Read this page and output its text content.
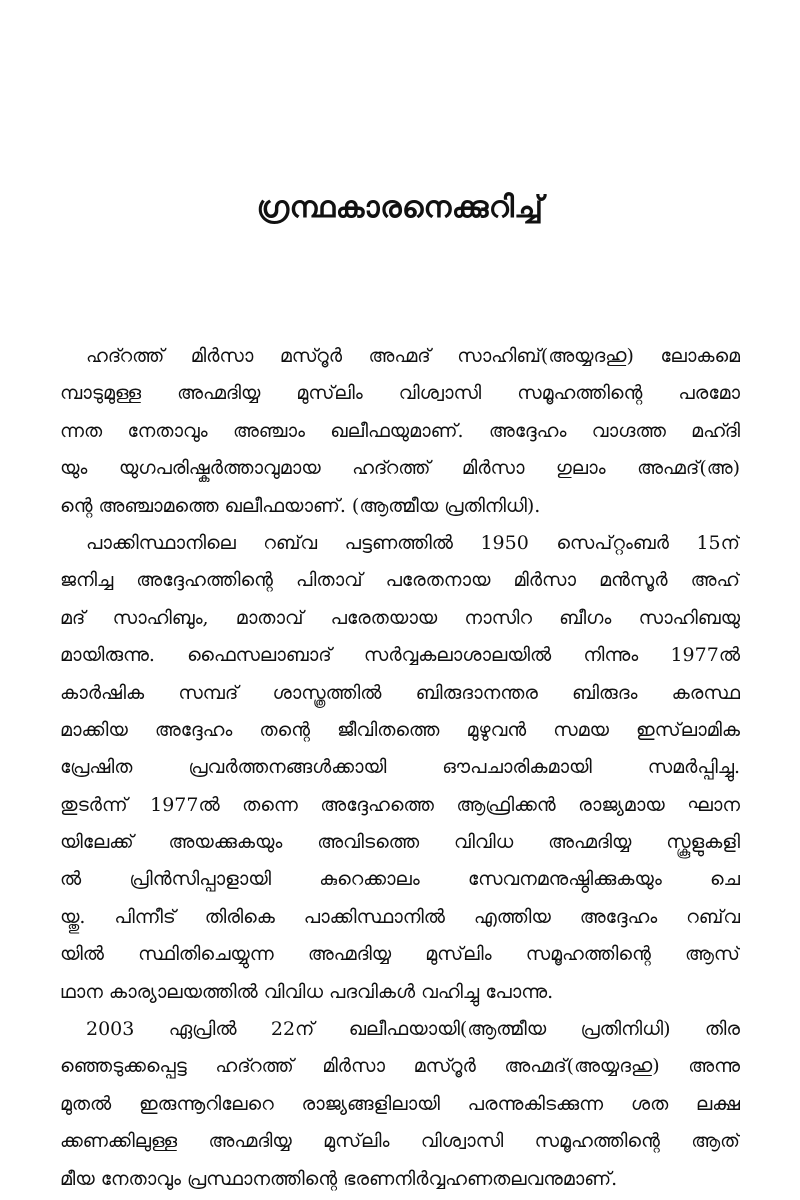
ഗ്രന്ഥകാരനെക്കുറിച്ച്
ഹദ്റത്ത് മിർസാ മസ്റൂർ അഹ്മദ് സാഹിബ്(അയ്യദഹു) ലോകമെ
മ്പാടുമുള്ള അഹ്മദിയ്യ മുസ്‌ലിം വിശ്വാസി സമൂഹത്തിന്റെ പരമോ
ന്നത നേതാവും അഞ്ചാം ഖലീഫയുമാണ്. അദ്ദേഹം വാഗ്ദത്ത മഹ്ദി
യും യുഗപരിഷ്കർത്താവുമായ ഹദ്റത്ത് മിർസാ ഗുലാം അഹ്മദ്(അ)
ന്റെ അഞ്ചാമത്തെ ഖലീഫയാണ്. (ആത്മീയ പ്രതിനിധി).
പാക്കിസ്ഥാനിലെ റബ്‌വ പട്ടണത്തിൽ 1950 സെപ്റ്റംബർ 15ന്
ജനിച്ച അദ്ദേഹത്തിന്റെ പിതാവ് പരേതനായ മിർസാ മൻസൂർ അഹ്
മദ് സാഹിബും, മാതാവ് പരേതയായ നാസിറ ബീഗം സാഹിബയു
മായിരുന്നു. ഫൈസലാബാദ് സർവ്വകലാശാലയിൽ നിന്നും 1977ൽ
കാർഷിക സമ്പദ് ശാസ്ത്രത്തിൽ ബിരുദാനന്തര ബിരുദം കരസ്ഥ
മാക്കിയ അദ്ദേഹം തന്റെ ജീവിതത്തെ മുഴുവൻ സമയ ഇസ്‌ലാമിക
പ്രേഷിത പ്രവർത്തനങ്ങൾക്കായി ഔപചാരികമായി സമർപ്പിച്ചു.
തുടർന്ന് 1977ൽ തന്നെ അദ്ദേഹത്തെ ആഫ്രിക്കൻ രാജ്യമായ ഘാന
യിലേക്ക് അയക്കുകയും അവിടത്തെ വിവിധ അഹ്മദിയ്യ സ്കൂളുകളി
ൽ പ്രിൻസിപ്പാളായി കുറെക്കാലം സേവനമനുഷ്ഠിക്കുകയും ചെ
യ്തു. പിന്നീട് തിരികെ പാക്കിസ്ഥാനിൽ എത്തിയ അദ്ദേഹം റബ്‌വ
യിൽ സ്ഥിതിചെയ്യുന്ന അഹ്മദിയ്യ മുസ്‌ലിം സമൂഹത്തിന്റെ ആസ്
ഥാന കാര്യാലയത്തിൽ വിവിധ പദവികൾ വഹിച്ചു പോന്നു.
2003 ഏപ്രിൽ 22ന് ഖലീഫയായി(ആത്മീയ പ്രതിനിധി) തിര
ഞ്ഞെടുക്കപ്പെട്ട ഹദ്റത്ത് മിർസാ മസ്റൂർ അഹ്മദ്(അയ്യദഹു) അന്നു
മുതൽ ഇരുന്നൂറിലേറെ രാജ്യങ്ങളിലായി പരന്നുകിടക്കുന്ന ശത ലക്ഷ
ക്കണക്കിലുള്ള അഹ്മദിയ്യ മുസ്‌ലിം വിശ്വാസി സമൂഹത്തിന്റെ ആത്
മീയ നേതാവും പ്രസ്ഥാനത്തിന്റെ ഭരണനിർവ്വഹണതലവനുമാണ്.
